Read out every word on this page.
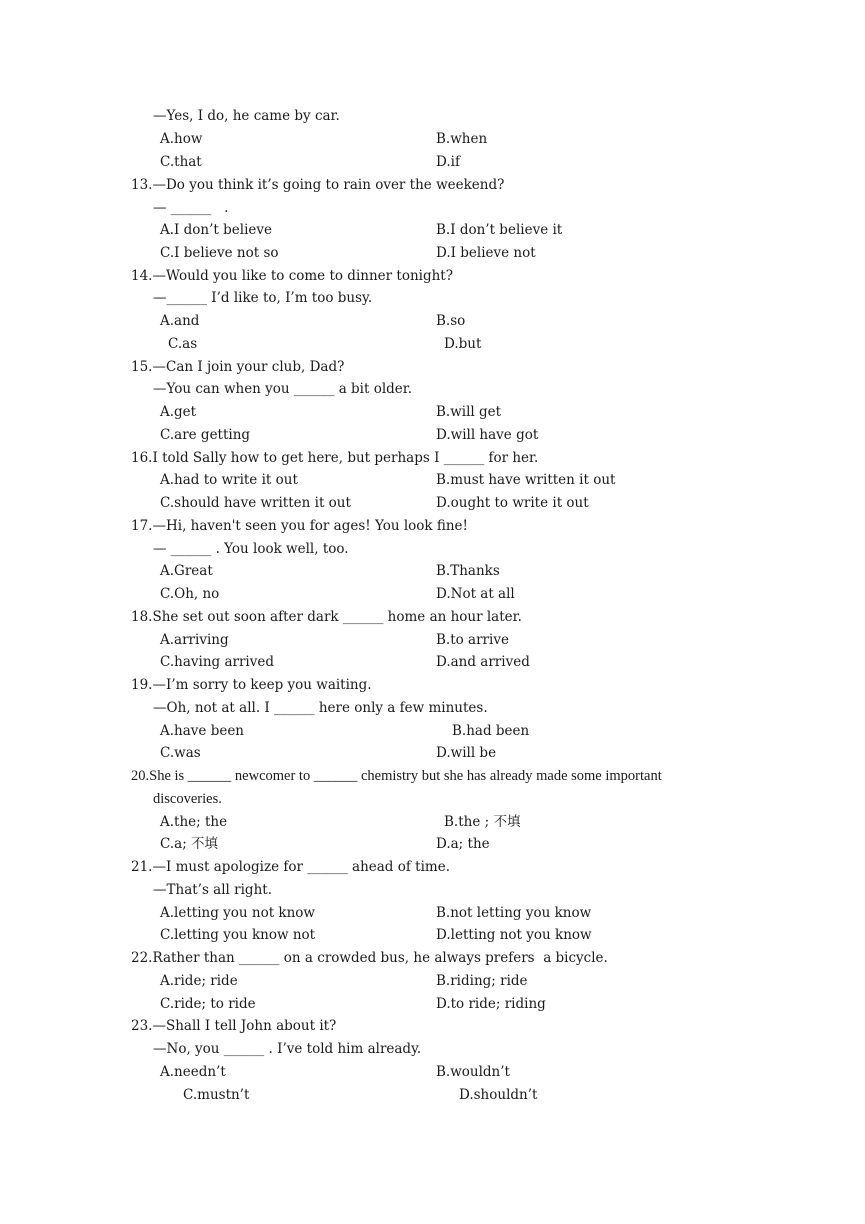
—Yes, I do, he came by car.
A.how	B.when
C.that	D.if
13.—Do you think it’s going to rain over the weekend?
— ______   .
A.I don’t believe	B.I don’t believe it
C.I believe not so	D.I believe not
14.—Would you like to come to dinner tonight?
—______ I’d like to, I’m too busy.
A.and	B.so
C.as	D.but
15.—Can I join your club, Dad?
—You can when you ______ a bit older.
A.get	B.will get
C.are getting	D.will have got
16.I told Sally how to get here, but perhaps I ______ for her.
A.had to write it out	B.must have written it out
C.should have written it out	D.ought to write it out
17.—Hi, haven't seen you for ages! You look fine!
— ______ . You look well, too.
A.Great	B.Thanks
C.Oh, no	D.Not at all
18.She set out soon after dark ______ home an hour later.
A.arriving	B.to arrive
C.having arrived	D.and arrived
19.—I’m sorry to keep you waiting.
—Oh, not at all. I ______ here only a few minutes.
A.have been	B.had been
C.was	D.will be
20.She is ______ newcomer to ______ chemistry but she has already made some important
discoveries.
A.the; the	B.the ; 不填
C.a; 不填	D.a; the
21.—I must apologize for ______ ahead of time.
—That’s all right.
A.letting you not know	B.not letting you know
C.letting you know not	D.letting not you know
22.Rather than ______ on a crowded bus, he always prefers  a bicycle.
A.ride; ride	B.riding; ride
C.ride; to ride	D.to ride; riding
23.—Shall I tell John about it?
—No, you ______ . I’ve told him already.
A.needn’t	B.wouldn’t
C.mustn’t	D.shouldn’t
